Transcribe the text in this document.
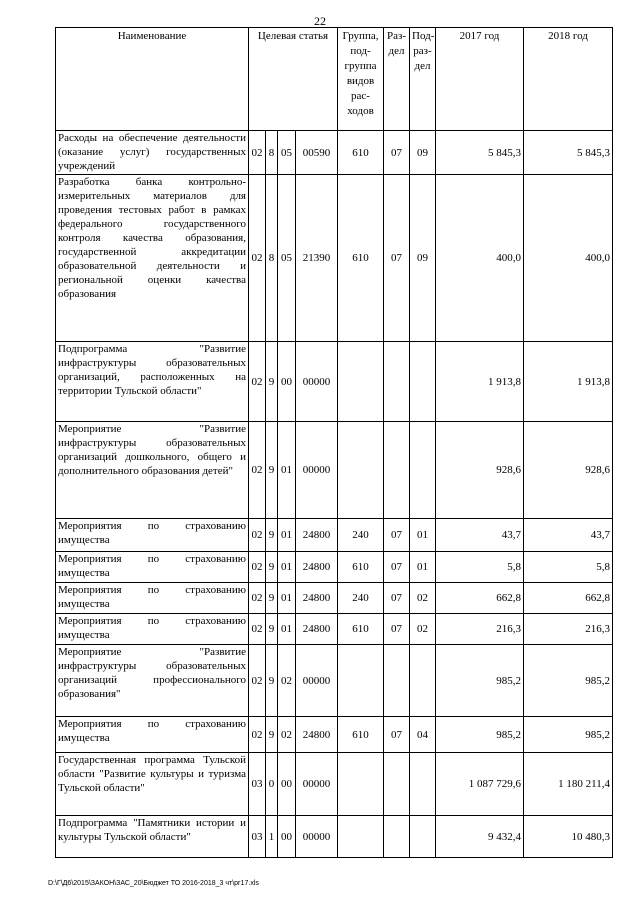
22
Наименование	Целевая статья				Группа, под- группа видов рас- ходов	Раз- дел	Под- раз- дел	2017 год	2018 год
Расходы на обеспечение деятельности (оказание услуг) государственных учреждений	02	8	05	00590	610	07	09	5 845,3	5 845,3
Разработка банка контрольно-измерительных материалов для проведения тестовых работ в рамках федерального государственного контроля качества образования, государственной аккредитации образовательной деятельности и региональной оценки качества образования	02	8	05	21390	610	07	09	400,0	400,0
Подпрограмма "Развитие инфраструктуры образовательных организаций, расположенных на территории Тульской области"	02	9	00	00000				1 913,8	1 913,8
Мероприятие "Развитие инфраструктуры образовательных организаций дошкольного, общего и дополнительного образования детей"	02	9	01	00000				928,6	928,6
Мероприятия по страхованию имущества	02	9	01	24800	240	07	01	43,7	43,7
Мероприятия по страхованию имущества	02	9	01	24800	610	07	01	5,8	5,8
Мероприятия по страхованию имущества	02	9	01	24800	240	07	02	662,8	662,8
Мероприятия по страхованию имущества	02	9	01	24800	610	07	02	216,3	216,3
Мероприятие "Развитие инфраструктуры образовательных организаций профессионального образования"	02	9	02	00000				985,2	985,2
Мероприятия по страхованию имущества	02	9	02	24800	610	07	04	985,2	985,2
Государственная программа Тульской области "Развитие культуры и туризма Тульской области"	03	0	00	00000				1 087 729,6	1 180 211,4
Подпрограмма "Памятники истории и культуры Тульской области"	03	1	00	00000				9 432,4	10 480,3
D:\Г\Д6\2015\ЗАКОН\ЗАС_20\Бюджет ТО 2016-2018_3 чт\рг17.xls
